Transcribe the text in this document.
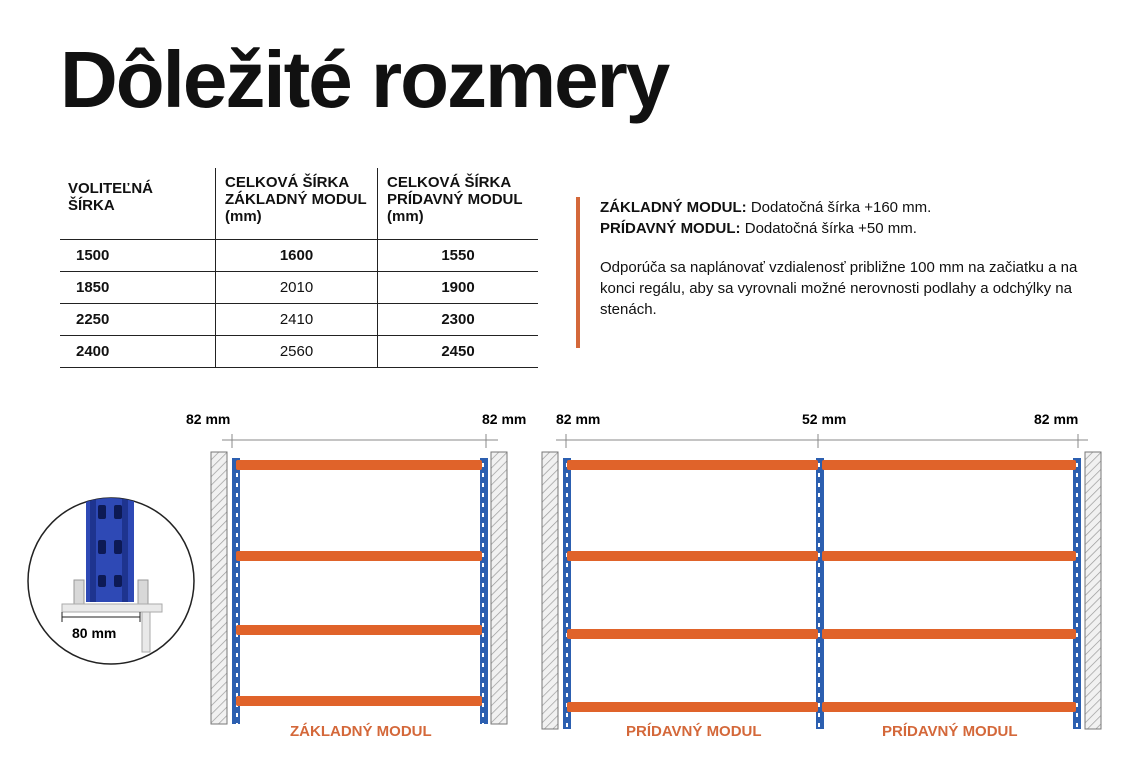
Dôležité rozmery
VOLITEĽNÁ ŠÍRKA
CELKOVÁ ŠÍRKA ZÁKLADNÝ MODUL (mm)
CELKOVÁ ŠÍRKA PRÍDAVNÝ MODUL (mm)
1500	1600	1550
1850	2010	1900
2250	2410	2300
2400	2560	2450

ZÁKLADNÝ MODUL: Dodatočná šírka +160 mm.

PRÍDAVNÝ MODUL: Dodatočná šírka +50 mm.

Odporúča sa naplánovať vzdialenosť približne 100 mm na začiatku a na konci regálu, aby sa vyrovnali možné nerovnosti podlahy a odchýlky na stenách.

82 mm	82 mm 82 mm	52 mm	82 mm
ZÁKLADNÝ MODUL	PRÍDAVNÝ MODUL	PRÍDAVNÝ MODUL
80 mm
